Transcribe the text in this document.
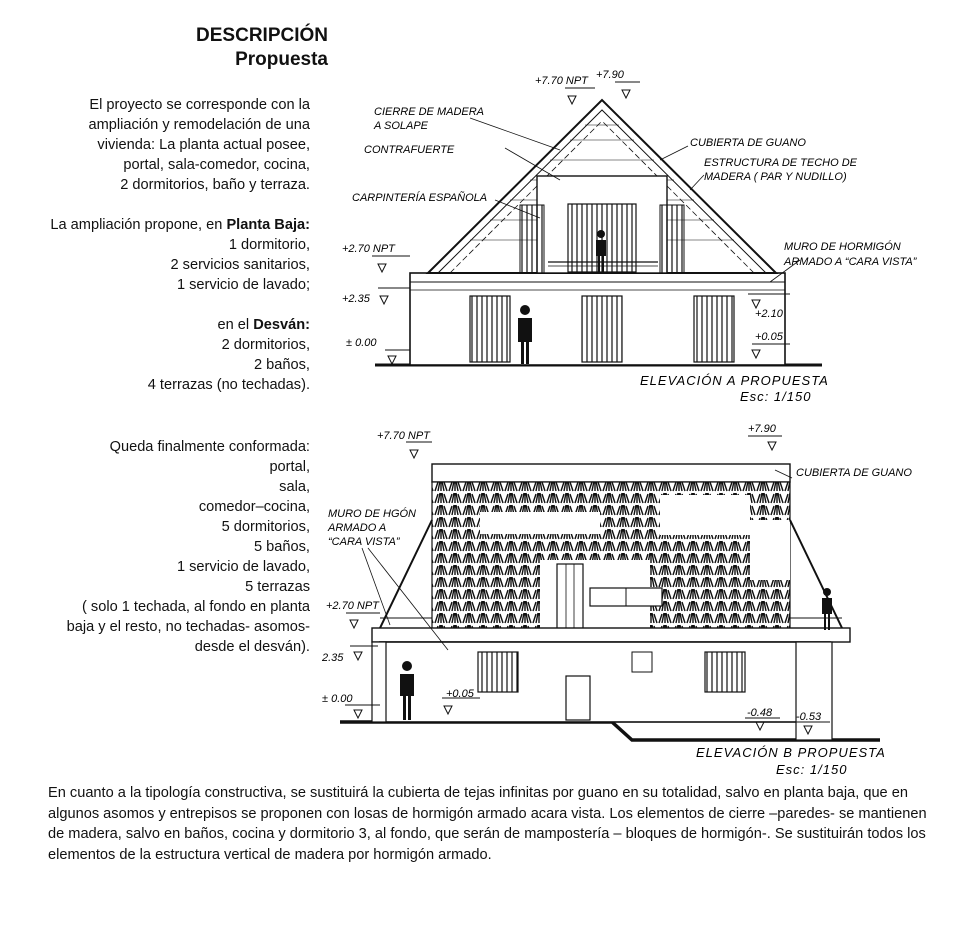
DESCRIPCIÓN
Propuesta
El proyecto se corresponde con la
ampliación y remodelación de una
vivienda: La planta actual posee,
portal, sala-comedor, cocina,
2 dormitorios, baño y terraza.
La ampliación propone, en Planta Baja:
1 dormitorio,
2 servicios sanitarios,
1 servicio de lavado;
en el Desván:
2 dormitorios,
2 baños,
4 terrazas (no techadas).
Queda finalmente conformada:
portal,
sala,
comedor–cocina,
5 dormitorios,
5 baños,
1 servicio de lavado,
5 terrazas
( solo 1 techada, al fondo en planta
baja y el resto, no techadas- asomos-
desde el desván).
CIERRE DE MADERA
A SOLAPE
CONTRAFUERTE
CARPINTERÍA ESPAÑOLA
CUBIERTA DE GUANO
ESTRUCTURA DE TECHO DE
MADERA ( PAR Y NUDILLO)
MURO DE HORMIGÓN
ARMADO A “CARA VISTA”
+7.70 NPT +7.90
+2.70 NPT
+2.35
± 0.00
+2.10
+0.05
ELEVACIÓN A PROPUESTA
Esc: 1/150
CUBIERTA DE GUANO
MURO DE HGÓN
ARMADO A
“CARA VISTA”
+7.70 NPT
+7.90
+2.70 NPT
2.35
± 0.00	+0.05
-0.48 -0.53
ELEVACIÓN B PROPUESTA
Esc: 1/150
En cuanto a la tipología constructiva, se sustituirá la cubierta de tejas infinitas por guano en su totalidad, salvo en planta baja, que en algunos asomos y entrepisos se proponen con losas de hormigón armado acara vista. Los elementos de cierre –paredes- se mantienen de madera, salvo en baños, cocina y dormitorio 3, al fondo, que serán de mampostería – bloques de hormigón-. Se sustituirán todos los elementos de la estructura vertical de madera por hormigón armado.
